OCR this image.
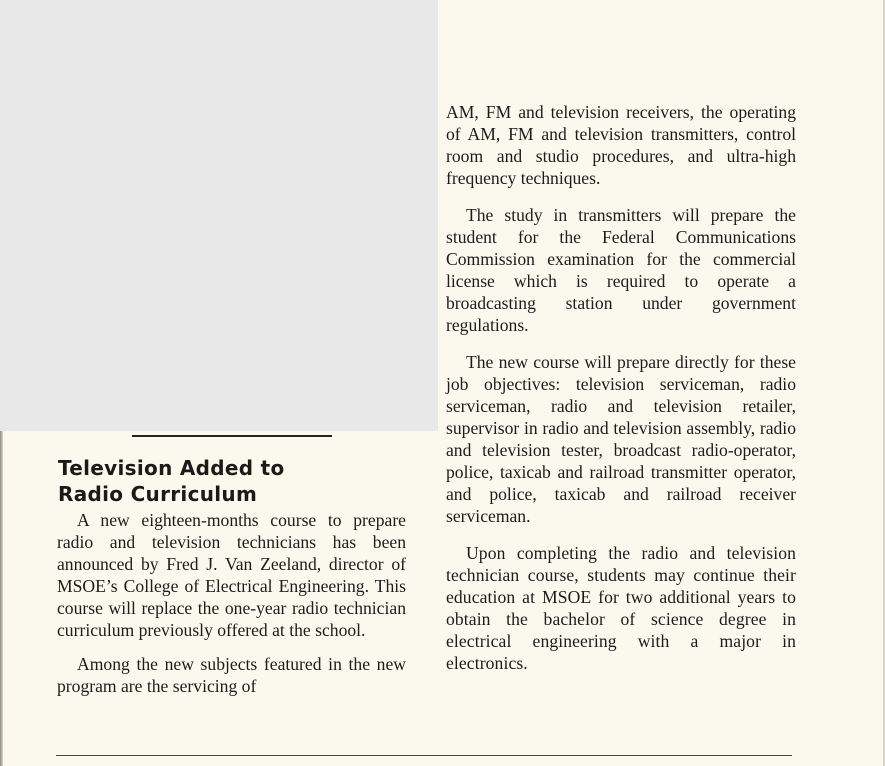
Television Added to
Radio Curriculum

A new eighteen-months course to prepare radio and television technicians has been announced by Fred J. Van Zeeland, director of MSOE’s College of Electrical Engineering. This course will replace the one-year radio technician curriculum previously offered at the school.

Among the new subjects featured in the new program are the servicing of

AM, FM and television receivers, the operating of AM, FM and television transmitters, control room and studio procedures, and ultra-high frequency techniques.

The study in transmitters will prepare the student for the Federal Communications Commission examination for the commercial license which is required to operate a broadcasting station under government regulations.

The new course will prepare directly for these job objectives: television serviceman, radio serviceman, radio and television retailer, supervisor in radio and television assembly, radio and television tester, broadcast radio-operator, police, taxicab and railroad transmitter operator, and police, taxicab and railroad receiver serviceman.

Upon completing the radio and television technician course, students may continue their education at MSOE for two additional years to obtain the bachelor of science degree in electrical engineering with a major in electronics.
